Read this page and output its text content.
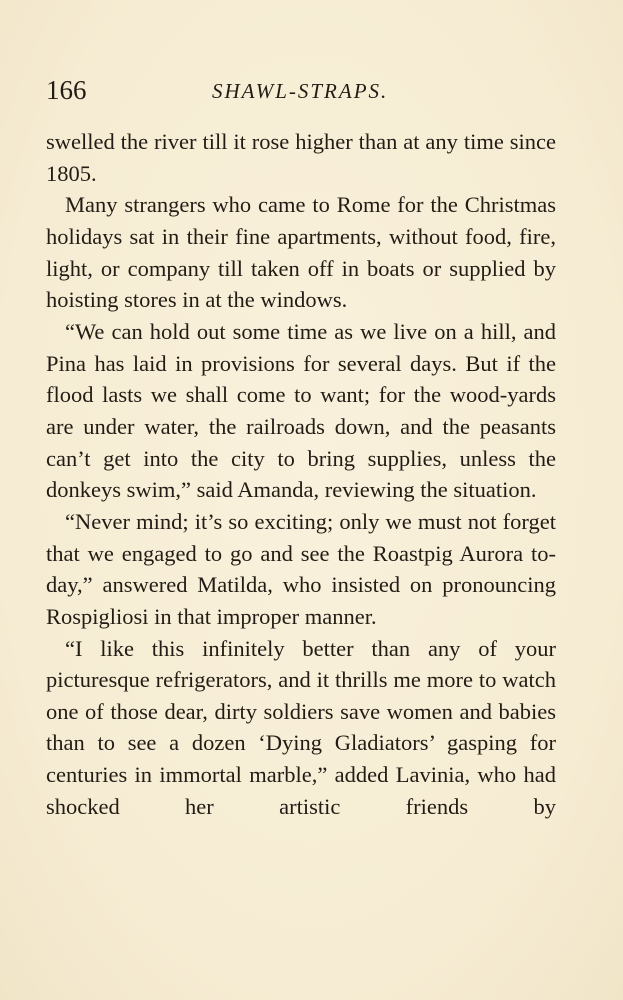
166	SHAWL-STRAPS.

swelled the river till it rose higher than at any time since 1805.

Many strangers who came to Rome for the Christmas holidays sat in their fine apartments, without food, fire, light, or company till taken off in boats or supplied by hoisting stores in at the windows.

“We can hold out some time as we live on a hill, and Pina has laid in provisions for several days. But if the flood lasts we shall come to want; for the wood-yards are under water, the railroads down, and the peasants can’t get into the city to bring supplies, unless the donkeys swim,” said Amanda, reviewing the situation.

“Never mind; it’s so exciting; only we must not forget that we engaged to go and see the Roastpig Aurora to-day,” answered Matilda, who insisted on pronouncing Rospigliosi in that improper manner.

“I like this infinitely better than any of your picturesque refrigerators, and it thrills me more to watch one of those dear, dirty soldiers save women and babies than to see a dozen ‘Dying Gladiators’ gasping for centuries in immortal marble,” added Lavinia, who had shocked her artistic friends by
